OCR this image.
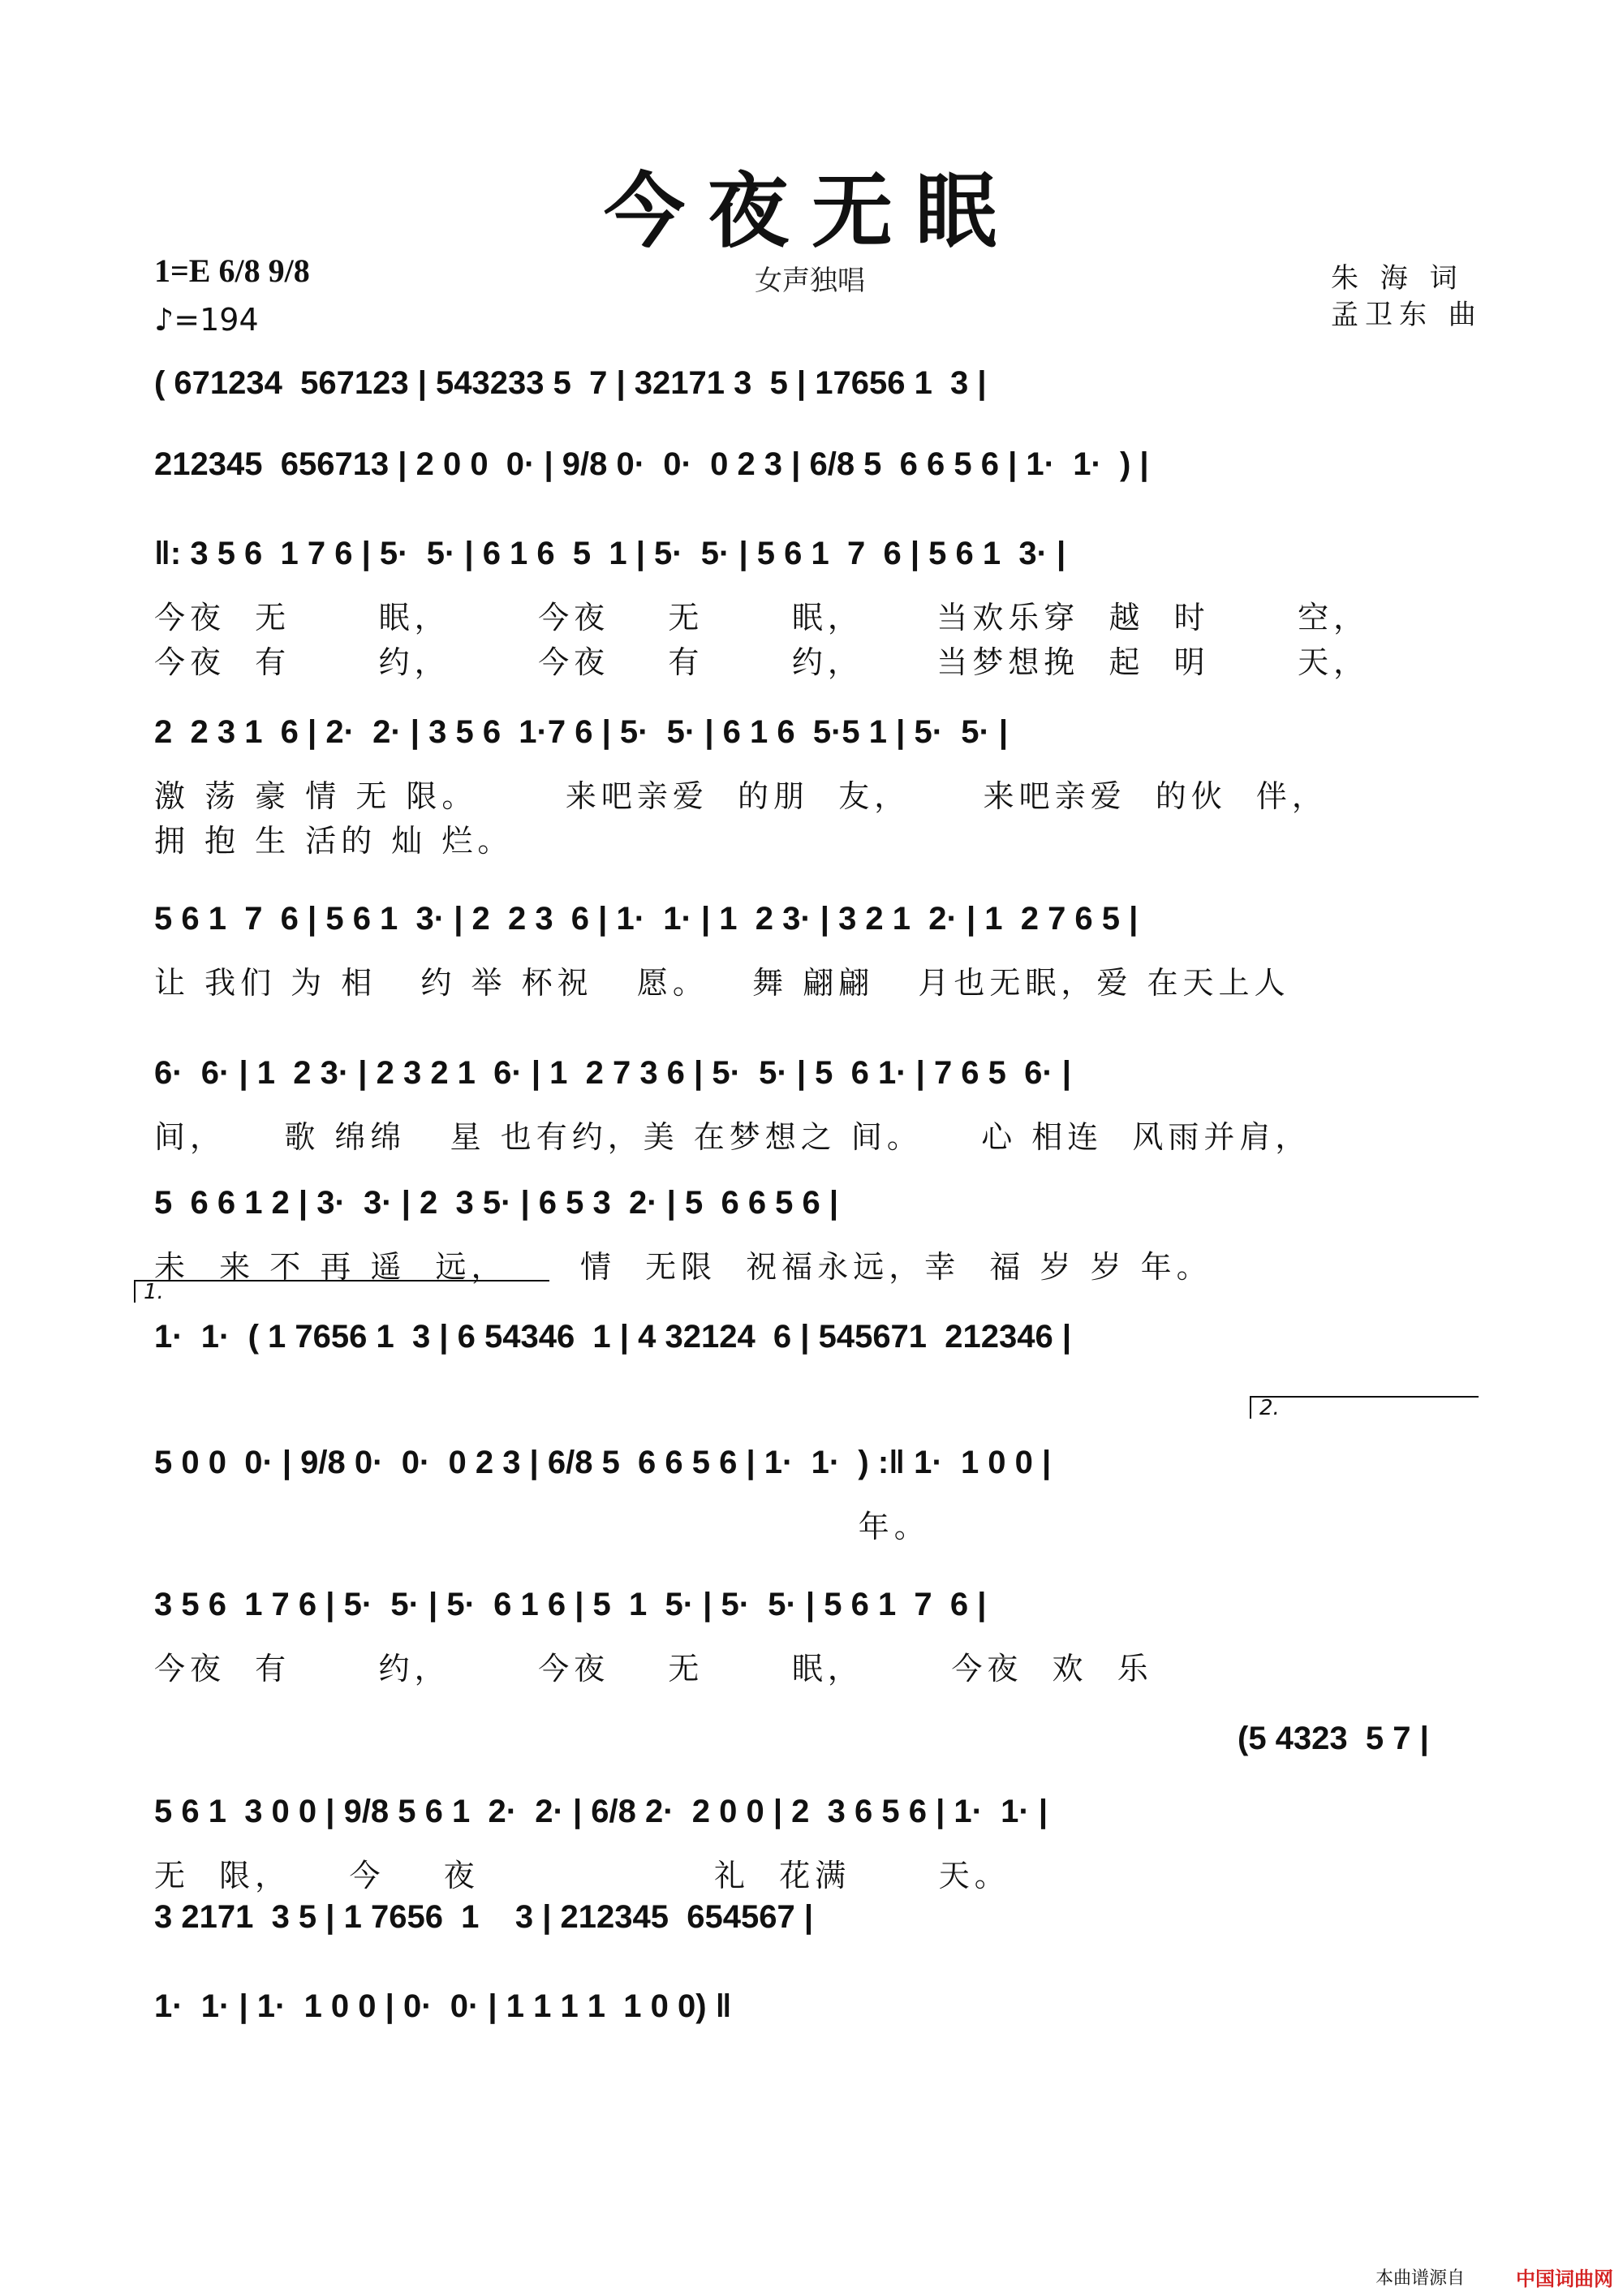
今夜无眠
1=E 6/8 9/8
♪=194
女声独唱	朱 海 词
孟卫东 曲
( 671234  567123 | 543233 5  7 | 32171 3  5 | 17656 1  3 |
212345  656713 | 2 0 0  0· | 9/8 0·  0·  0 2 3 | 6/8 5  6 6 5 6 | 1·  1·  ) |
‖: 3 5 6  1 7 6 | 5·  5· | 6 1 6  5  1 | 5·  5· | 5 6 1  7  6 | 5 6 1  3· |
今夜  无      眠，      今夜    无      眠，     当欢乐穿  越  时      空，
今夜  有      约，      今夜    有      约，     当梦想挽  起  明      天，
2  2 3 1  6 | 2·  2· | 3 5 6  1·7 6 | 5·  5· | 6 1 6  5·5 1 | 5·  5· |
激 荡 豪 情 无 限。      来吧亲爱  的朋  友，     来吧亲爱  的伙  伴，
拥 抱 生 活的 灿 烂。
5 6 1  7  6 | 5 6 1  3· | 2  2 3  6 | 1·  1· | 1  2 3· | 3 2 1  2· | 1  2 7 6 5 |
让 我们 为 相   约 举 杯祝   愿。   舞 翩翩   月也无眠，爱 在天上人
6·  6· | 1  2 3· | 2 3 2 1  6· | 1  2 7 3 6 | 5·  5· | 5  6 1· | 7 6 5  6· |
间，    歌 绵绵   星 也有约，美 在梦想之 间。    心 相连  风雨并肩，
5  6 6 1 2 | 3·  3· | 2  3 5· | 6 5 3  2· | 5  6 6 5 6 |
未  来 不 再 遥  远，     情  无限  祝福永远，幸  福 岁 岁 年。
1·  1·  ( 1 7656 1  3 | 6 54346  1 | 4 32124  6 | 545671  212346 |
1.
5 0 0  0· | 9/8 0·  0·  0 2 3 | 6/8 5  6 6 5 6 | 1·  1·  ) :‖ 1·  1 0 0 |
2.
年。
3 5 6  1 7 6 | 5·  5· | 5·  6 1 6 | 5  1  5· | 5·  5· | 5 6 1  7  6 |
今夜  有      约，      今夜    无      眠，      今夜  欢  乐
(5 4323  5 7 |
5 6 1  3 0 0 | 9/8 5 6 1  2·  2· | 6/8 2·  2 0 0 | 2  3 6 5 6 | 1·  1· |
无  限，    今    夜                礼  花满      天。
3 2171  3 5 | 1 7656  1    3 | 212345  654567 |
1·  1· | 1·  1 0 0 | 0·  0· | 1 1 1 1  1 0 0) ‖
本曲谱源自	中国词曲网
